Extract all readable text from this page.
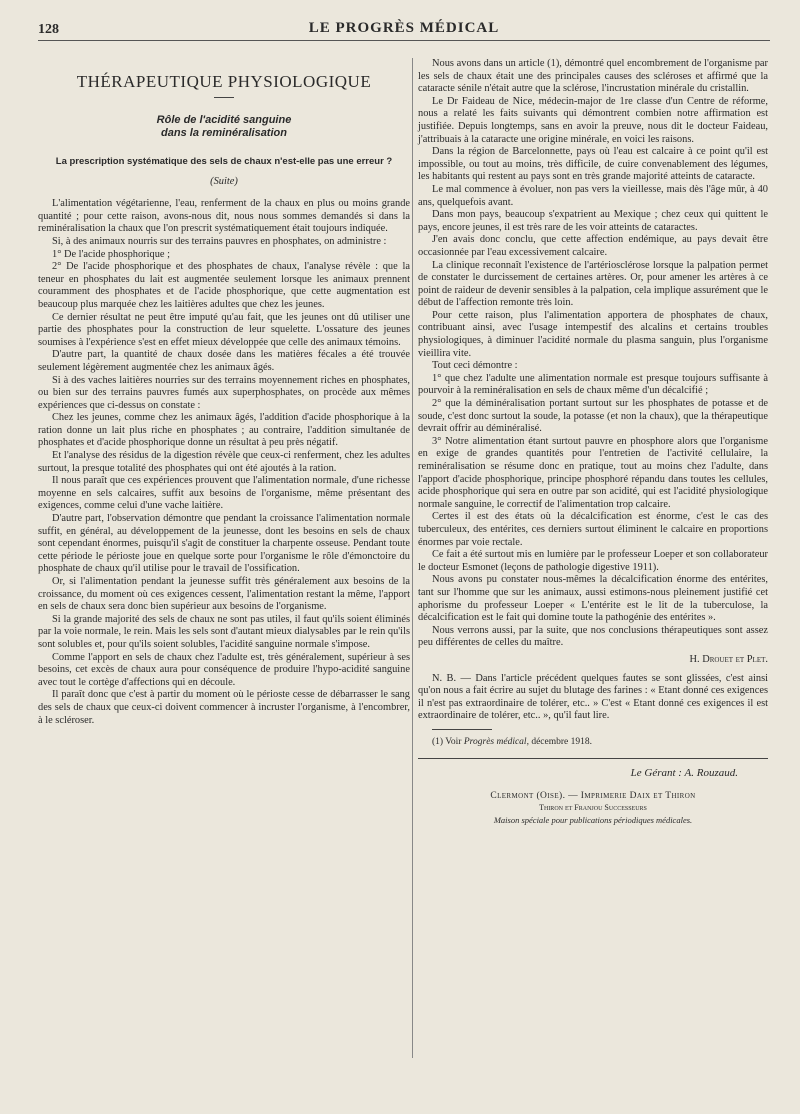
128	LE PROGRÈS MÉDICAL
THÉRAPEUTIQUE PHYSIOLOGIQUE
Rôle de l'acidité sanguine
dans la reminéralisation
La prescription systématique des sels de chaux n'est-elle pas une erreur ?
(Suite)

L'alimentation végétarienne, l'eau, renferment de la chaux en plus ou moins grande quantité ; pour cette raison, avons-nous dit, nous nous sommes demandés si dans la reminéralisation la chaux que l'on prescrit systématiquement était toujours indiquée.

Si, à des animaux nourris sur des terrains pauvres en phosphates, on administre :

1° De l'acide phosphorique ;

2° De l'acide phosphorique et des phosphates de chaux, l'analyse révèle : que la teneur en phosphates du lait est augmentée seulement lorsque les animaux prennent couramment des phosphates et de l'acide phosphorique, que cette augmentation est beaucoup plus marquée chez les laitières adultes que chez les jeunes.

Ce dernier résultat ne peut être imputé qu'au fait, que les jeunes ont dû utiliser une partie des phosphates pour la construction de leur squelette. L'ossature des jeunes soumises à l'expérience s'est en effet mieux développée que celle des animaux témoins.

D'autre part, la quantité de chaux dosée dans les matières fécales a été trouvée seulement légèrement augmentée chez les animaux âgés.

Si à des vaches laitières nourries sur des terrains moyennement riches en phosphates, ou bien sur des terrains pauvres fumés aux superphosphates, on procède aux mêmes expériences que ci-dessus on constate :

Chez les jeunes, comme chez les animaux âgés, l'addition d'acide phosphorique à la ration donne un lait plus riche en phosphates ; au contraire, l'addition simultanée de phosphates et d'acide phosphorique donne un résultat à peu près négatif.

Et l'analyse des résidus de la digestion révèle que ceux-ci renferment, chez les adultes surtout, la presque totalité des phosphates qui ont été ajoutés à la ration.

Il nous paraît que ces expériences prouvent que l'alimentation normale, d'une richesse moyenne en sels calcaires, suffit aux besoins de l'organisme, même présentant des exigences, comme celui d'une vache laitière.

D'autre part, l'observation démontre que pendant la croissance l'alimentation normale suffit, en général, au développement de la jeunesse, dont les besoins en sels de chaux sont cependant énormes, puisqu'il s'agit de constituer la charpente osseuse. Pendant toute cette période le périoste joue en quelque sorte pour l'organisme le rôle d'émonctoire du phosphate de chaux qu'il utilise pour le travail de l'ossification.

Or, si l'alimentation pendant la jeunesse suffit très généralement aux besoins de la croissance, du moment où ces exigences cessent, l'alimentation restant la même, l'apport en sels de chaux sera donc bien supérieur aux besoins de l'organisme.

Si la grande majorité des sels de chaux ne sont pas utiles, il faut qu'ils soient éliminés par la voie normale, le rein. Mais les sels sont d'autant mieux dialysables par le rein qu'ils sont solubles et, pour qu'ils soient solubles, l'acidité sanguine normale s'impose.

Comme l'apport en sels de chaux chez l'adulte est, très généralement, supérieur à ses besoins, cet excès de chaux aura pour conséquence de produire l'hypo-acidité sanguine avec tout le cortège d'affections qui en découle.

Il paraît donc que c'est à partir du moment où le périoste cesse de débarrasser le sang des sels de chaux que ceux-ci doivent commencer à incruster l'organisme, à l'encombrer, à le scléroser.

Nous avons dans un article (1), démontré quel encombrement de l'organisme par les sels de chaux était une des principales causes des scléroses et affirmé que la cataracte sénile n'était autre que la sclérose, l'incrustation minérale du cristallin.

Le Dr Faideau de Nice, médecin-major de 1re classe d'un Centre de réforme, nous a relaté les faits suivants qui démontrent combien notre affirmation est justifiée. Depuis longtemps, sans en avoir la preuve, nous dit le docteur Faideau, j'attribuais à la cataracte une origine minérale, en voici les raisons.

Dans la région de Barcelonnette, pays où l'eau est calcaire à ce point qu'il est impossible, ou tout au moins, très difficile, de cuire convenablement des légumes, les habitants qui restent au pays sont en très grande majorité atteints de cataracte.

Le mal commence à évoluer, non pas vers la vieillesse, mais dès l'âge mûr, à 40 ans, quelquefois avant.

Dans mon pays, beaucoup s'expatrient au Mexique ; chez ceux qui quittent le pays, encore jeunes, il est très rare de les voir atteints de cataractes.

J'en avais donc conclu, que cette affection endémique, au pays devait être occasionnée par l'eau excessivement calcaire.

La clinique reconnaît l'existence de l'artériosclérose lorsque la palpation permet de constater le durcissement de certaines artères. Or, pour amener les artères à ce point de raideur de devenir sensibles à la palpation, cela implique assurément que le début de l'affection remonte très loin.

Pour cette raison, plus l'alimentation apportera de phosphates de chaux, contribuant ainsi, avec l'usage intempestif des alcalins et certains troubles physiologiques, à diminuer l'acidité normale du plasma sanguin, plus l'organisme vieillira vite.

Tout ceci démontre :

1° que chez l'adulte une alimentation normale est presque toujours suffisante à pourvoir à la reminéralisation en sels de chaux même d'un décalcifié ;

2° que la déminéralisation portant surtout sur les phosphates de potasse et de soude, c'est donc surtout la soude, la potasse (et non la chaux), que la thérapeutique devrait offrir au déminéralisé.

3° Notre alimentation étant surtout pauvre en phosphore alors que l'organisme en exige de grandes quantités pour l'entretien de l'activité cellulaire, la reminéralisation se résume donc en pratique, tout au moins chez l'adulte, dans l'apport d'acide phosphorique, principe phosphoré répandu dans toutes les cellules, acide phosphorique qui sera en outre par son acidité, qui est l'acidité physiologique normale sanguine, le correctif de l'alimentation trop calcaire.

Certes il est des états où la décalcification est énorme, c'est le cas des tuberculeux, des entérites, ces derniers surtout éliminent le calcaire en proportions énormes par voie rectale.

Ce fait a été surtout mis en lumière par le professeur Loeper et son collaborateur le docteur Esmonet (leçons de pathologie digestive 1911).

Nous avons pu constater nous-mêmes la décalcification énorme des entérites, tant sur l'homme que sur les animaux, aussi estimons-nous pleinement justifié cet aphorisme du professeur Loeper « L'entérite est le lit de la tuberculose, la décalcification est le fait qui domine toute la pathogénie des entérites ».

Nous verrons aussi, par la suite, que nos conclusions thérapeutiques sont assez peu différentes de celles du maître.

H. Drouet et Plet.

N. B. — Dans l'article précédent quelques fautes se sont glissées, c'est ainsi qu'on nous a fait écrire au sujet du blutage des farines : « Etant donné ces exigences il n'est pas extraordinaire de tolérer, etc.. » C'est « Etant donné ces exigences il est extraordinaire de tolérer, etc.. », qu'il faut lire.

(1) Voir Progrès médical, décembre 1918.

Le Gérant : A. Rouzaud.
Clermont (Oise). — Imprimerie Daix et Thiron
Thiron et Franjou Successeurs
Maison spéciale pour publications périodiques médicales.
